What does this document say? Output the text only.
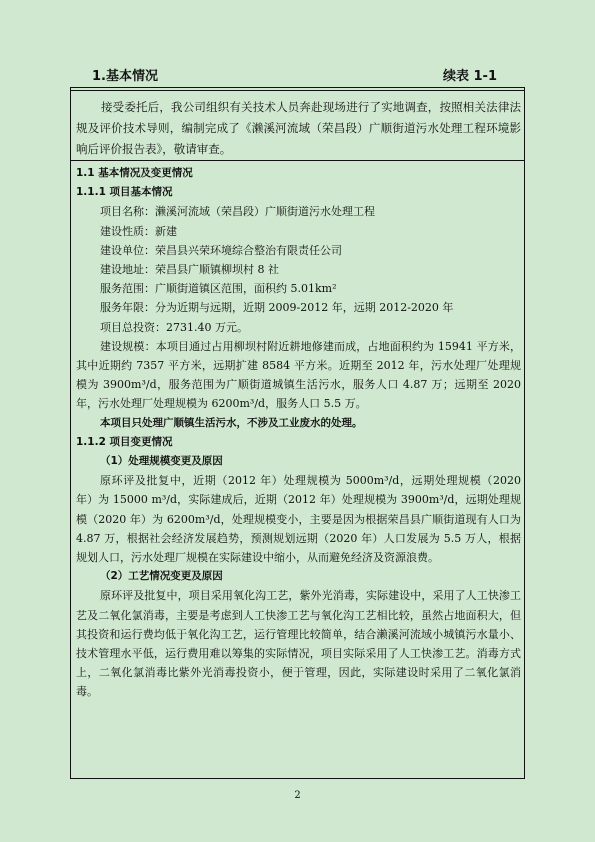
1.基本情况	续表 1-1

接受委托后，我公司组织有关技术人员奔赴现场进行了实地调查，按照相关法律法规及评价技术导则，编制完成了《濑溪河流域（荣昌段）广顺街道污水处理工程环境影响后评价报告表》，敬请审查。

1.1 基本情况及变更情况

1.1.1 项目基本情况

项目名称：濑溪河流域（荣昌段）广顺街道污水处理工程

建设性质：新建

建设单位：荣昌县兴荣环境综合整治有限责任公司

建设地址：荣昌县广顺镇柳坝村 8 社

服务范围：广顺街道镇区范围，面积约 5.01km²

服务年限：分为近期与远期，近期 2009-2012 年，远期 2012-2020 年

项目总投资：2731.40 万元。

建设规模：本项目通过占用柳坝村附近耕地修建而成，占地面积约为 15941 平方米，其中近期约 7357 平方米，远期扩建 8584 平方米。近期至 2012 年，污水处理厂处理规模为 3900m³/d，服务范围为广顺街道城镇生活污水，服务人口 4.87 万；远期至 2020 年，污水处理厂处理规模为 6200m³/d，服务人口 5.5 万。

本项目只处理广顺镇生活污水，不涉及工业废水的处理。

1.1.2 项目变更情况

（1）处理规模变更及原因

原环评及批复中，近期（2012 年）处理规模为 5000m³/d，远期处理规模（2020 年）为 15000 m³/d，实际建成后，近期（2012 年）处理规模为 3900m³/d，远期处理规模（2020 年）为 6200m³/d，处理规模变小，主要是因为根据荣昌县广顺街道现有人口为 4.87 万，根据社会经济发展趋势，预测规划远期（2020 年）人口发展为 5.5 万人，根据规划人口，污水处理厂规模在实际建设中缩小，从而避免经济及资源浪费。

（2）工艺情况变更及原因

原环评及批复中，项目采用氧化沟工艺，紫外光消毒，实际建设中，采用了人工快渗工艺及二氧化氯消毒，主要是考虑到人工快渗工艺与氧化沟工艺相比较，虽然占地面积大，但其投资和运行费均低于氧化沟工艺，运行管理比较简单，结合濑溪河流域小城镇污水量小、技术管理水平低，运行费用难以筹集的实际情况，项目实际采用了人工快渗工艺。消毒方式上，二氧化氯消毒比紫外光消毒投资小，便于管理，因此，实际建设时采用了二氧化氯消毒。

2
